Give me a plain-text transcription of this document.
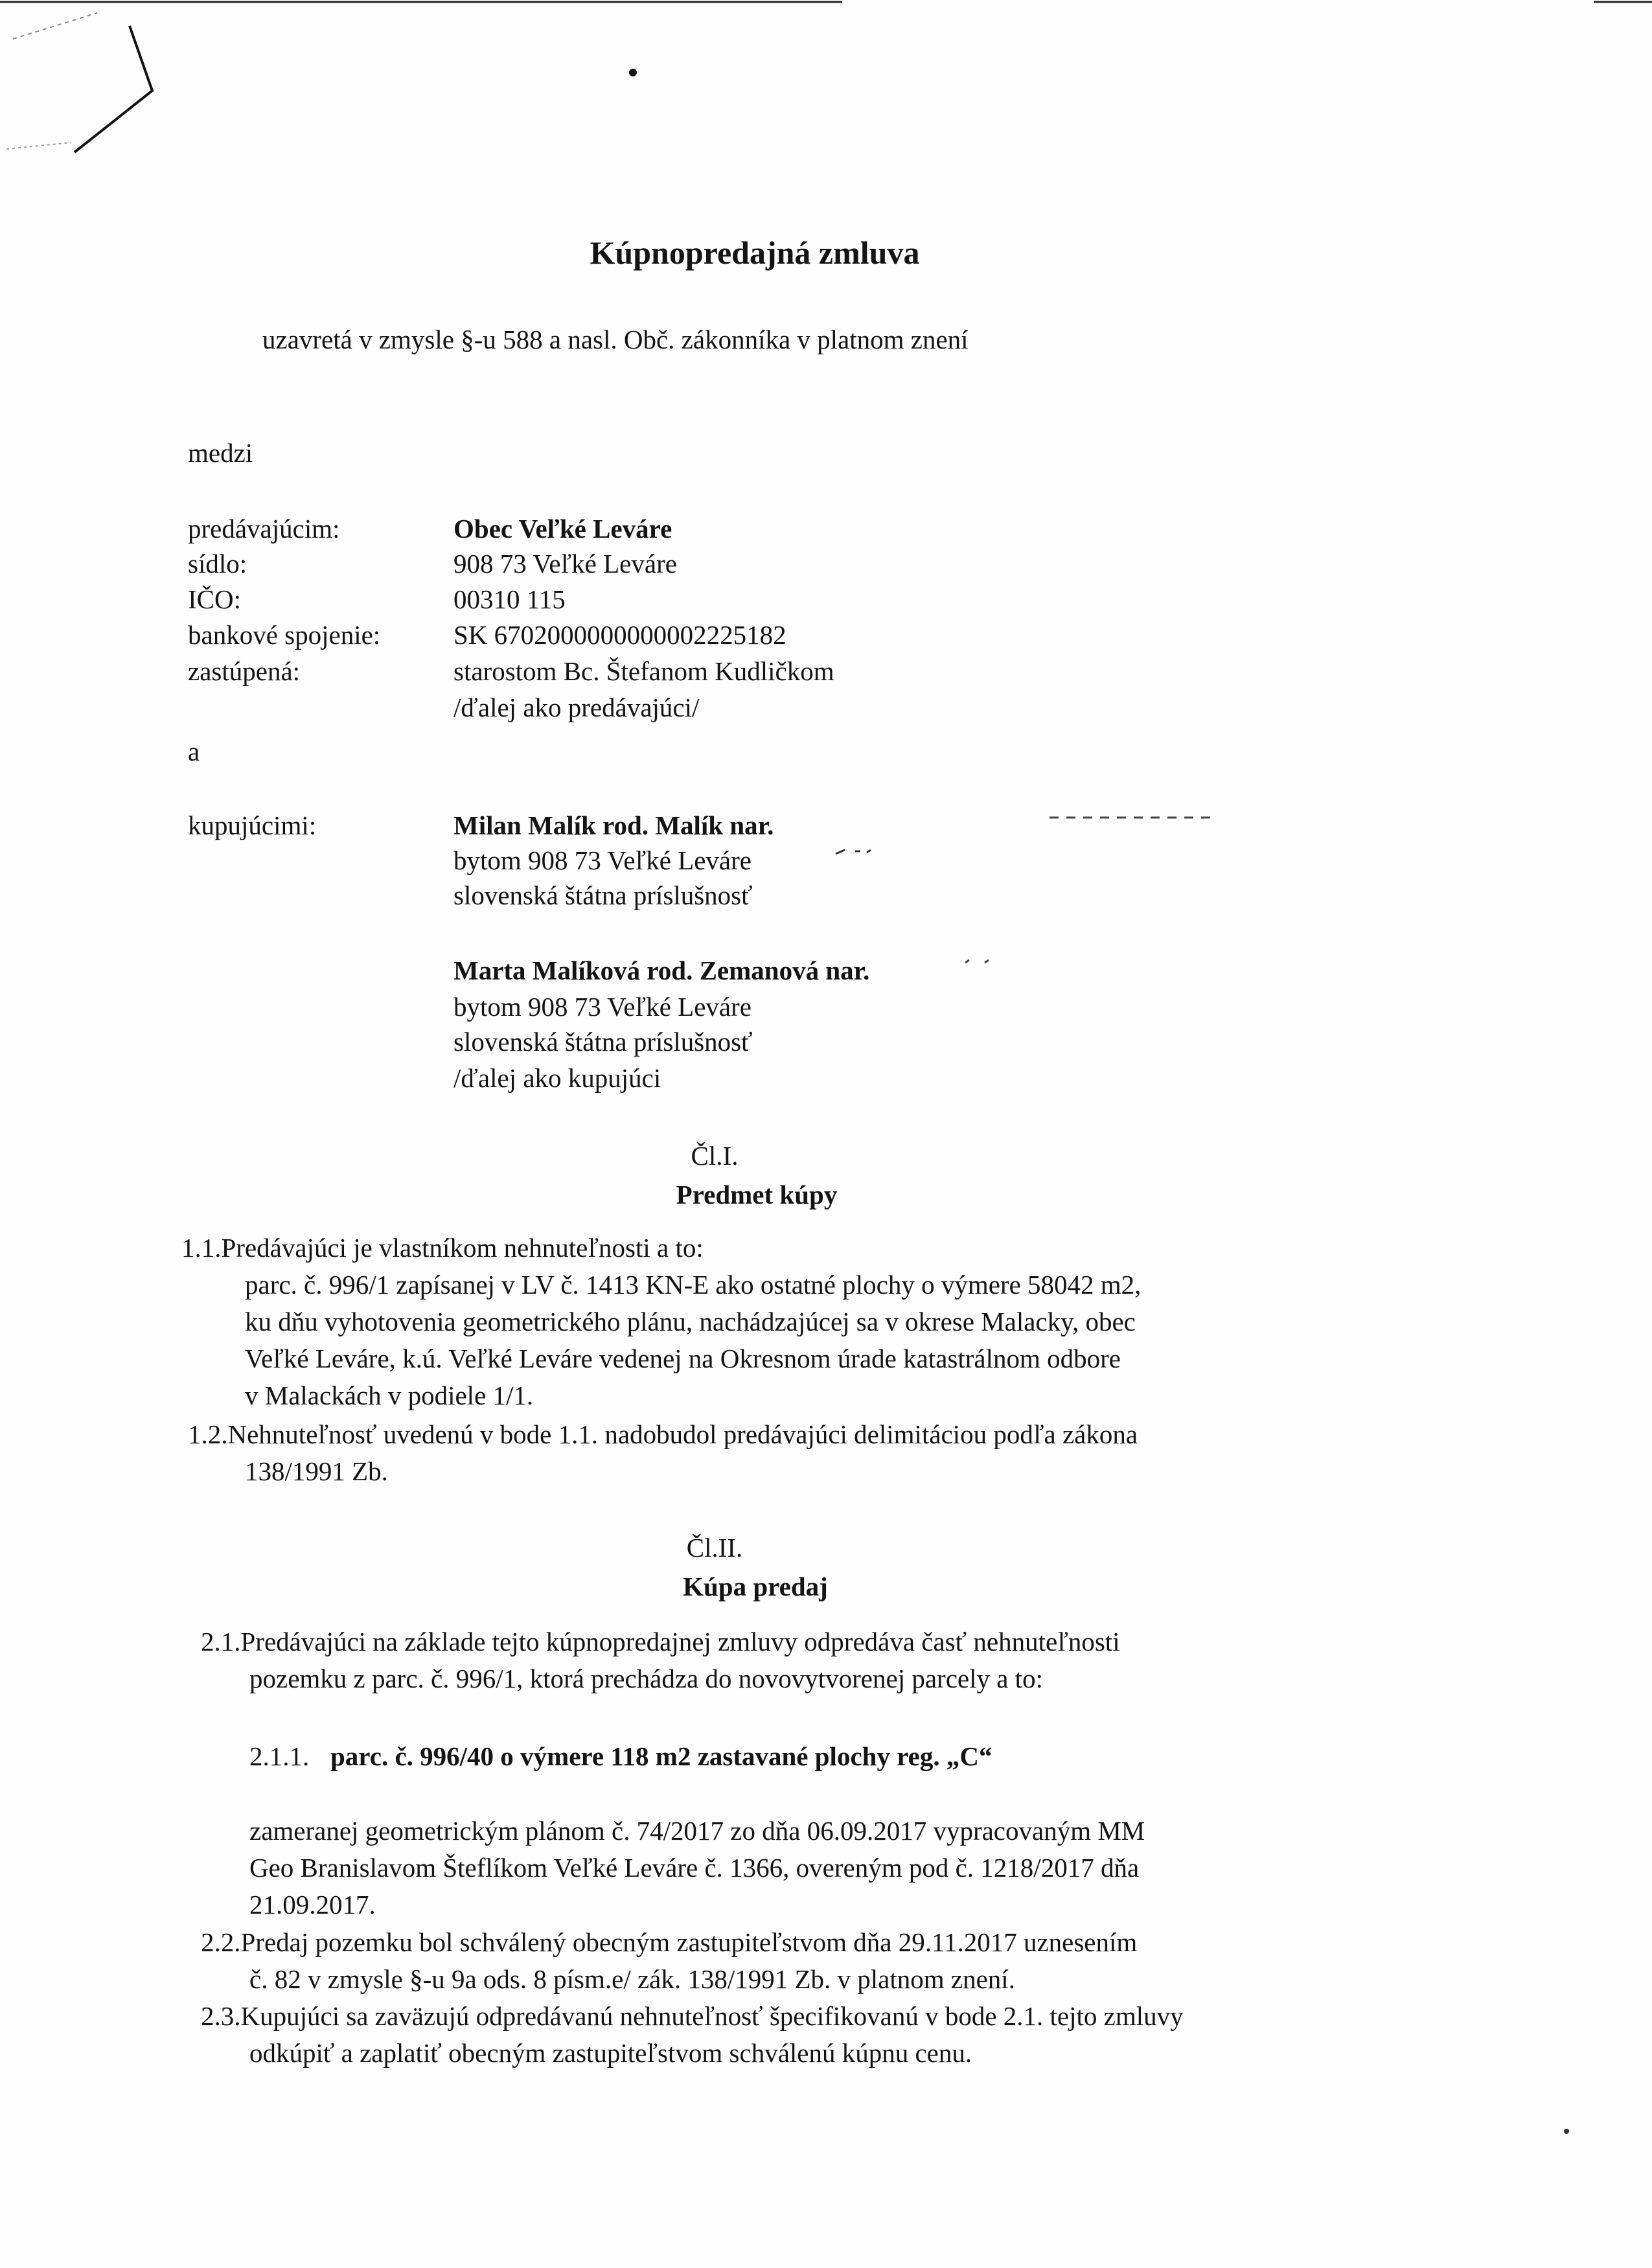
Kúpnopredajná zmluva
uzavretá v zmysle §-u 588 a nasl. Obč. zákonníka v platnom znení
medzi
predávajúcim:	Obec Veľké Leváre
sídlo:	908 73 Veľké Leváre
IČO:	00310 115
bankové spojenie:	SK 6702000000000002225182
zastúpená:	starostom Bc. Štefanom Kudličkom
/ďalej ako predávajúci/
a
kupujúcimi:	Milan Malík rod. Malík nar.
bytom 908 73 Veľké Leváre
slovenská štátna príslušnosť
Marta Malíková rod. Zemanová nar.
bytom 908 73 Veľké Leváre
slovenská štátna príslušnosť
/ďalej ako kupujúci
Čl.I.
Predmet kúpy
1.1.Predávajúci je vlastníkom nehnuteľnosti a to:
parc. č. 996/1 zapísanej v LV č. 1413 KN-E ako ostatné plochy o výmere 58042 m2,
ku dňu vyhotovenia geometrického plánu, nachádzajúcej sa v okrese Malacky, obec
Veľké Leváre, k.ú. Veľké Leváre vedenej na Okresnom úrade katastrálnom odbore
v Malackách v podiele 1/1.
1.2.Nehnuteľnosť uvedenú v bode 1.1. nadobudol predávajúci delimitáciou podľa zákona
138/1991 Zb.
Čl.II.
Kúpa predaj
2.1.Predávajúci na základe tejto kúpnopredajnej zmluvy odpredáva časť nehnuteľnosti
pozemku z parc. č. 996/1, ktorá prechádza do novovytvorenej parcely a to:
2.1.1. parc. č. 996/40 o výmere 118 m2 zastavané plochy reg. „C“
zameranej geometrickým plánom č. 74/2017 zo dňa 06.09.2017 vypracovaným MM
Geo Branislavom Šteflíkom Veľké Leváre č. 1366, overeným pod č. 1218/2017 dňa
21.09.2017.
2.2.Predaj pozemku bol schválený obecným zastupiteľstvom dňa 29.11.2017 uznesením
č. 82 v zmysle §-u 9a ods. 8 písm.e/ zák. 138/1991 Zb. v platnom znení.
2.3.Kupujúci sa zaväzujú odpredávanú nehnuteľnosť špecifikovanú v bode 2.1. tejto zmluvy
odkúpiť a zaplatiť obecným zastupiteľstvom schválenú kúpnu cenu.
